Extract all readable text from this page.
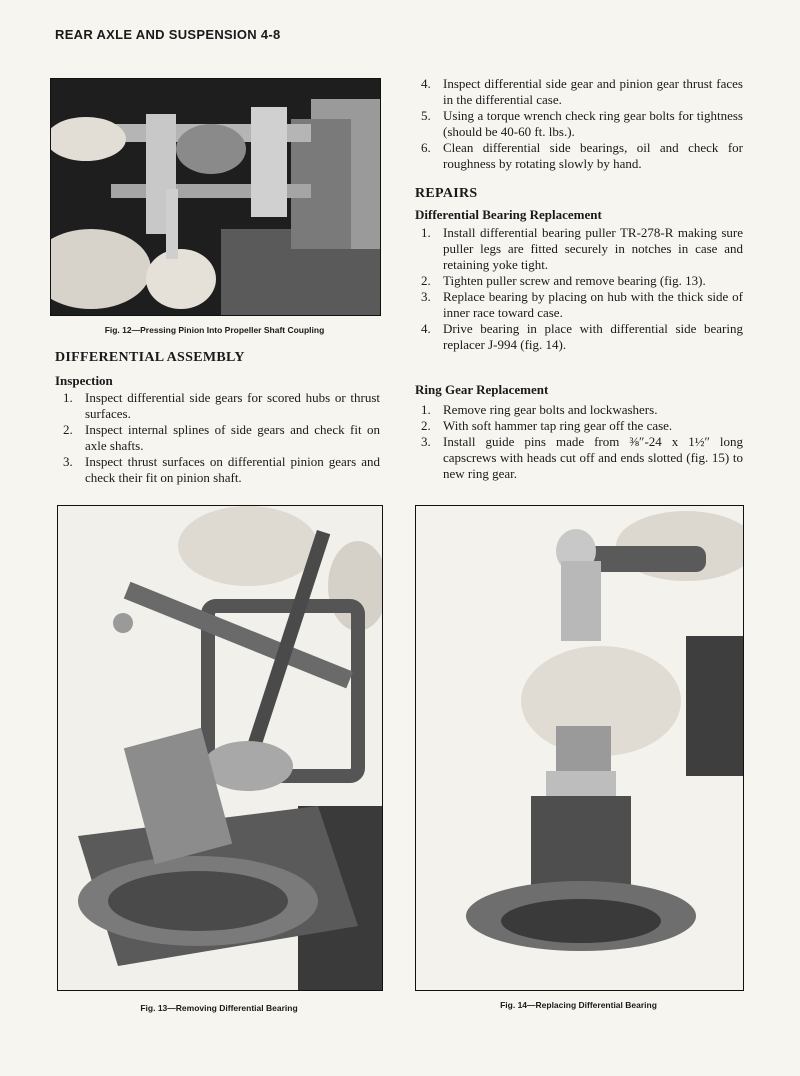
REAR AXLE AND SUSPENSION 4-8
Fig. 12—Pressing Pinion Into Propeller Shaft Coupling
DIFFERENTIAL ASSEMBLY
Inspection
1. Inspect differential side gears for scored hubs or thrust surfaces.
2. Inspect internal splines of side gears and check fit on axle shafts.
3. Inspect thrust surfaces on differential pinion gears and check their fit on pinion shaft.
4. Inspect differential side gear and pinion gear thrust faces in the differential case.
5. Using a torque wrench check ring gear bolts for tightness (should be 40-60 ft. lbs.).
6. Clean differential side bearings, oil and check for roughness by rotating slowly by hand.
REPAIRS
Differential Bearing Replacement
1. Install differential bearing puller TR-278-R making sure puller legs are fitted securely in notches in case and retaining yoke tight.
2. Tighten puller screw and remove bearing (fig. 13).
3. Replace bearing by placing on hub with the thick side of inner race toward case.
4. Drive bearing in place with differential side bearing replacer J-994 (fig. 14).
Ring Gear Replacement
1. Remove ring gear bolts and lockwashers.
2. With soft hammer tap ring gear off the case.
3. Install guide pins made from ⅜″-24 x 1½″ long capscrews with heads cut off and ends slotted (fig. 15) to new ring gear.
Fig. 13—Removing Differential Bearing	Fig. 14—Replacing Differential Bearing
